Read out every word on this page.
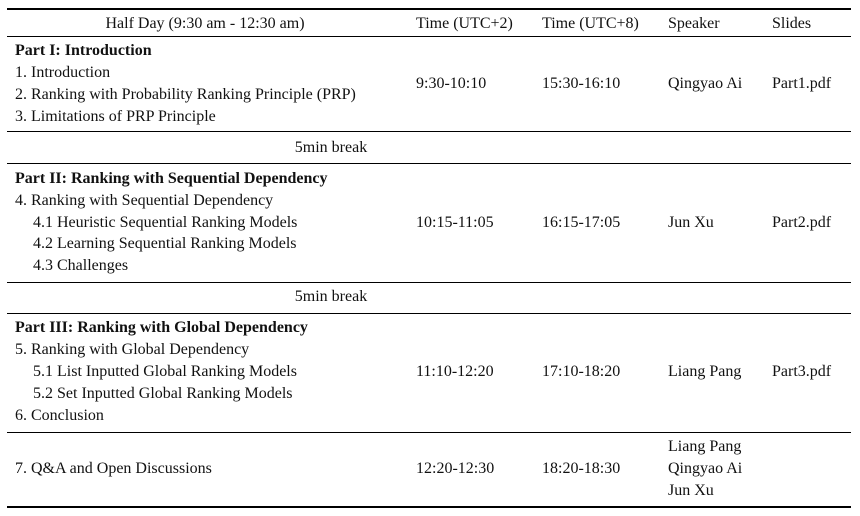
Half Day (9:30 am - 12:30 am)	Time (UTC+2) Time (UTC+8) Speaker	Slides
Part I: Introduction
1. Introduction
2. Ranking with Probability Ranking Principle (PRP)
3. Limitations of PRP Principle
9:30-10:10	15:30-16:10	Qingyao Ai Part1.pdf
5min break
Part II: Ranking with Sequential Dependency
4. Ranking with Sequential Dependency
4.1 Heuristic Sequential Ranking Models
4.2 Learning Sequential Ranking Models
4.3 Challenges
10:15-11:05	16:15-17:05	Jun Xu	Part2.pdf
5min break
Part III: Ranking with Global Dependency
5. Ranking with Global Dependency
5.1 List Inputted Global Ranking Models
5.2 Set Inputted Global Ranking Models
6. Conclusion
11:10-12:20	17:10-18:20	Liang Pang Part3.pdf
7. Q&A and Open Discussions	12:20-12:30	18:20-18:30
Liang Pang
Qingyao Ai
Jun Xu
